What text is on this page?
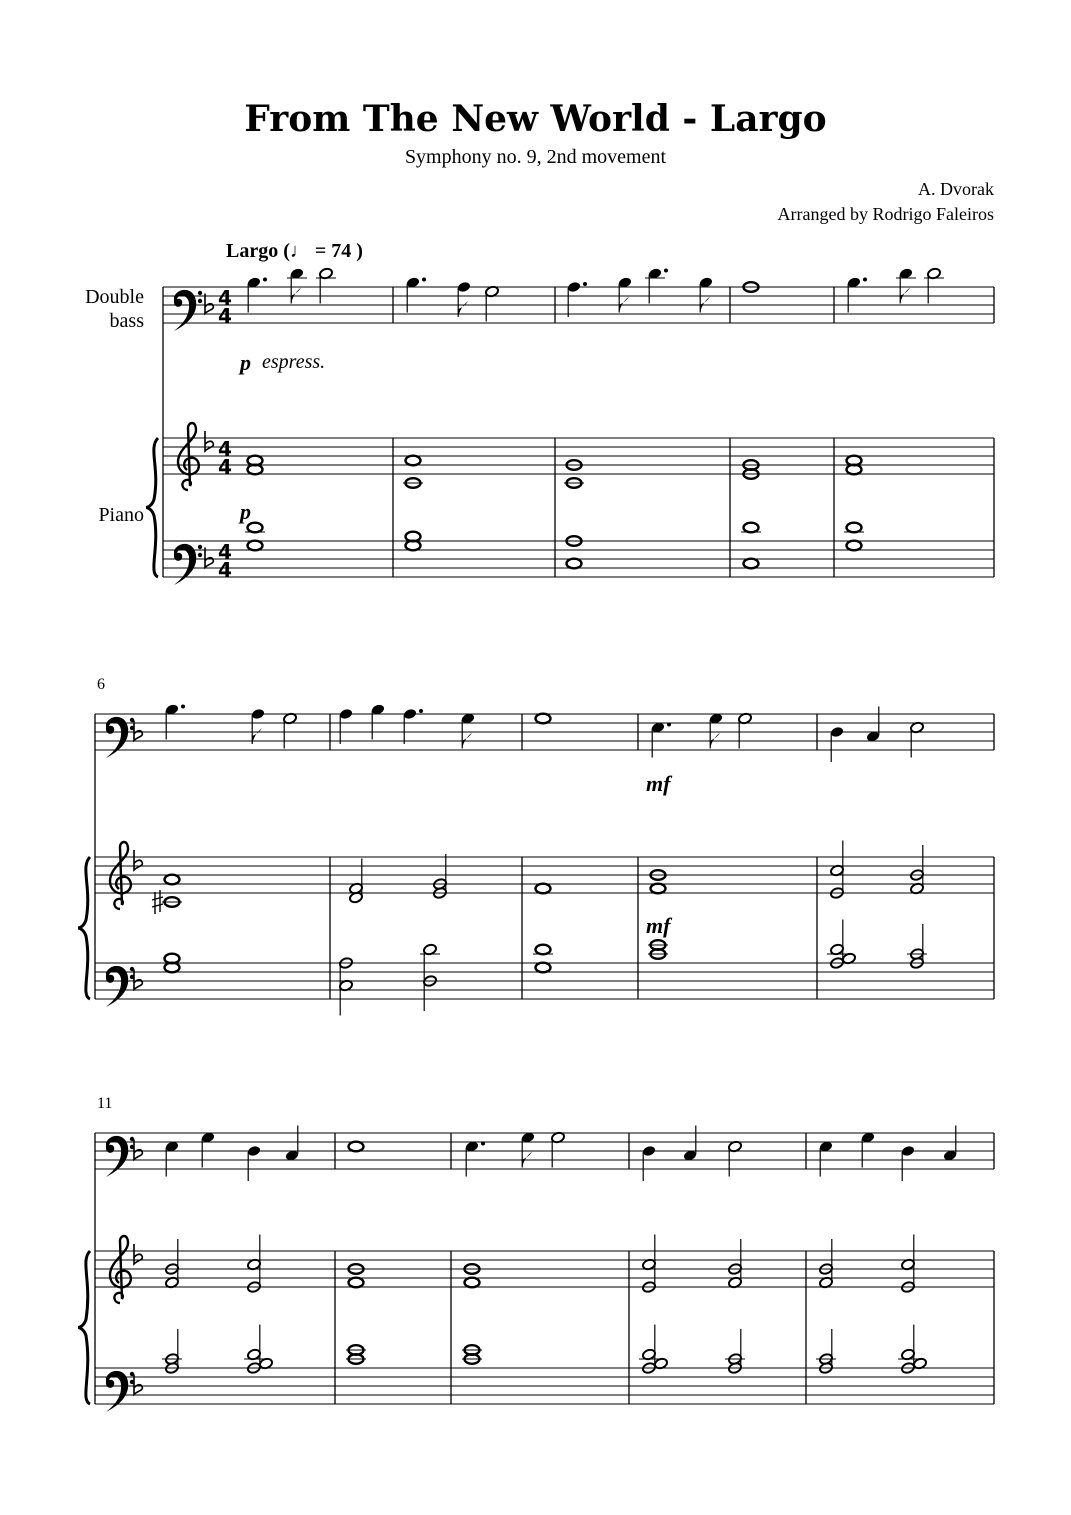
From The New World - Largo
Symphony no. 9, 2nd movement
A. Dvorak
Arranged by Rodrigo Faleiros
Largo (♩ = 74 )
Double
bass
Piano
p espress.
p
mf
mf
6
11
4
4
4
4
4
4
